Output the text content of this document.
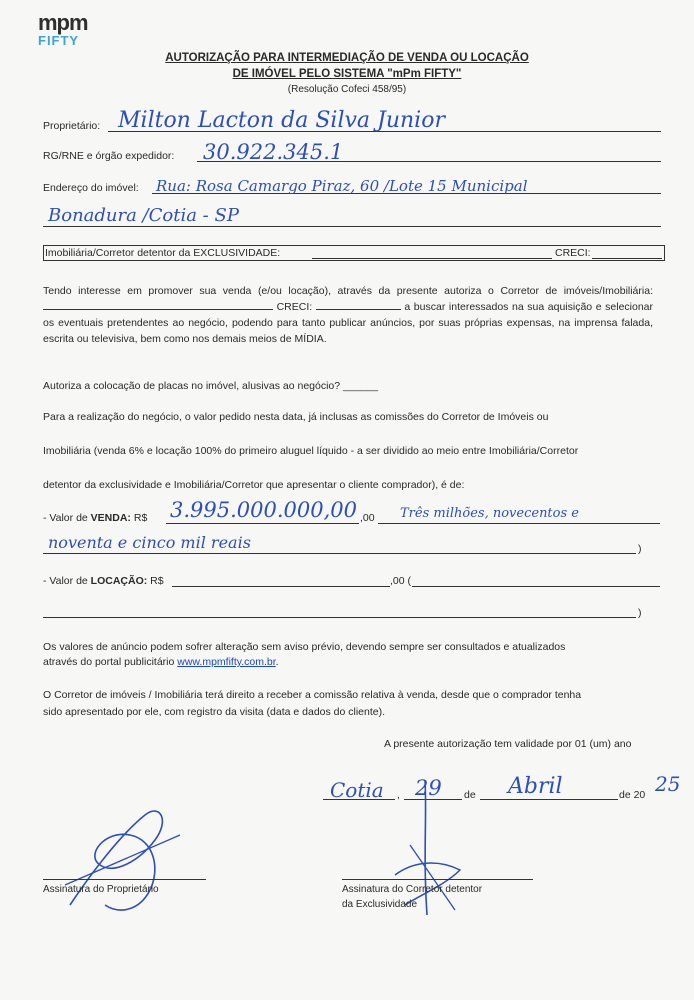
mpm
FIFTY
AUTORIZAÇÃO PARA INTERMEDIAÇÃO DE VENDA OU LOCAÇÃO
DE IMÓVEL PELO SISTEMA "mPm FIFTY"
(Resolução Cofeci 458/95)
Proprietário: Milton Lacton da Silva Junior
RG/RNE e órgão expedidor: 30.922.345.1
Endereço do imóvel: Rua: Rosa Camargo Piraz, 60 /Lote 15 Municipal
Bonadura /Cotia - SP
Imobiliária/Corretor detentor da EXCLUSIVIDADE:	CRECI:
Tendo interesse em promover sua venda (e/ou locação), através da presente autoriza o Corretor de imóveis/Imobiliária:  CRECI:	a buscar interessados na sua aquisição e selecionar os eventuais pretendentes ao negócio, podendo para tanto publicar anúncios, por suas próprias expensas, na imprensa falada, escrita ou televisiva, bem como nos demais meios de MÍDIA.
Autoriza a colocação de placas no imóvel, alusivas ao negócio? ______
Para a realização do negócio, o valor pedido nesta data, já inclusas as comissões do Corretor de Imóveis ou
Imobiliária (venda 6% e locação 100% do primeiro aluguel líquido - a ser dividido ao meio entre Imobiliária/Corretor
detentor da exclusividade e Imobiliária/Corretor que apresentar o cliente comprador), é de:
- Valor de VENDA: R$ 3.995.000.000,00 ,00 Três milhões, novecentos e
noventa e cinco mil reais	)
- Valor de LOCAÇÃO: R$	,00 (
)
Os valores de anúncio podem sofrer alteração sem aviso prévio, devendo sempre ser consultados e atualizados
através do portal publicitário www.mpmfifty.com.br.
O Corretor de imóveis / Imobiliária terá direito a receber a comissão relativa à venda, desde que o comprador tenha
sido apresentado por ele, com registro da visita (data e dados do cliente).
A presente autorização tem validade por 01 (um) ano
Cotia , 29 de Abril	de 20 25
Assinatura do Proprietário	Assinatura do Corretor detentor
da Exclusividade
